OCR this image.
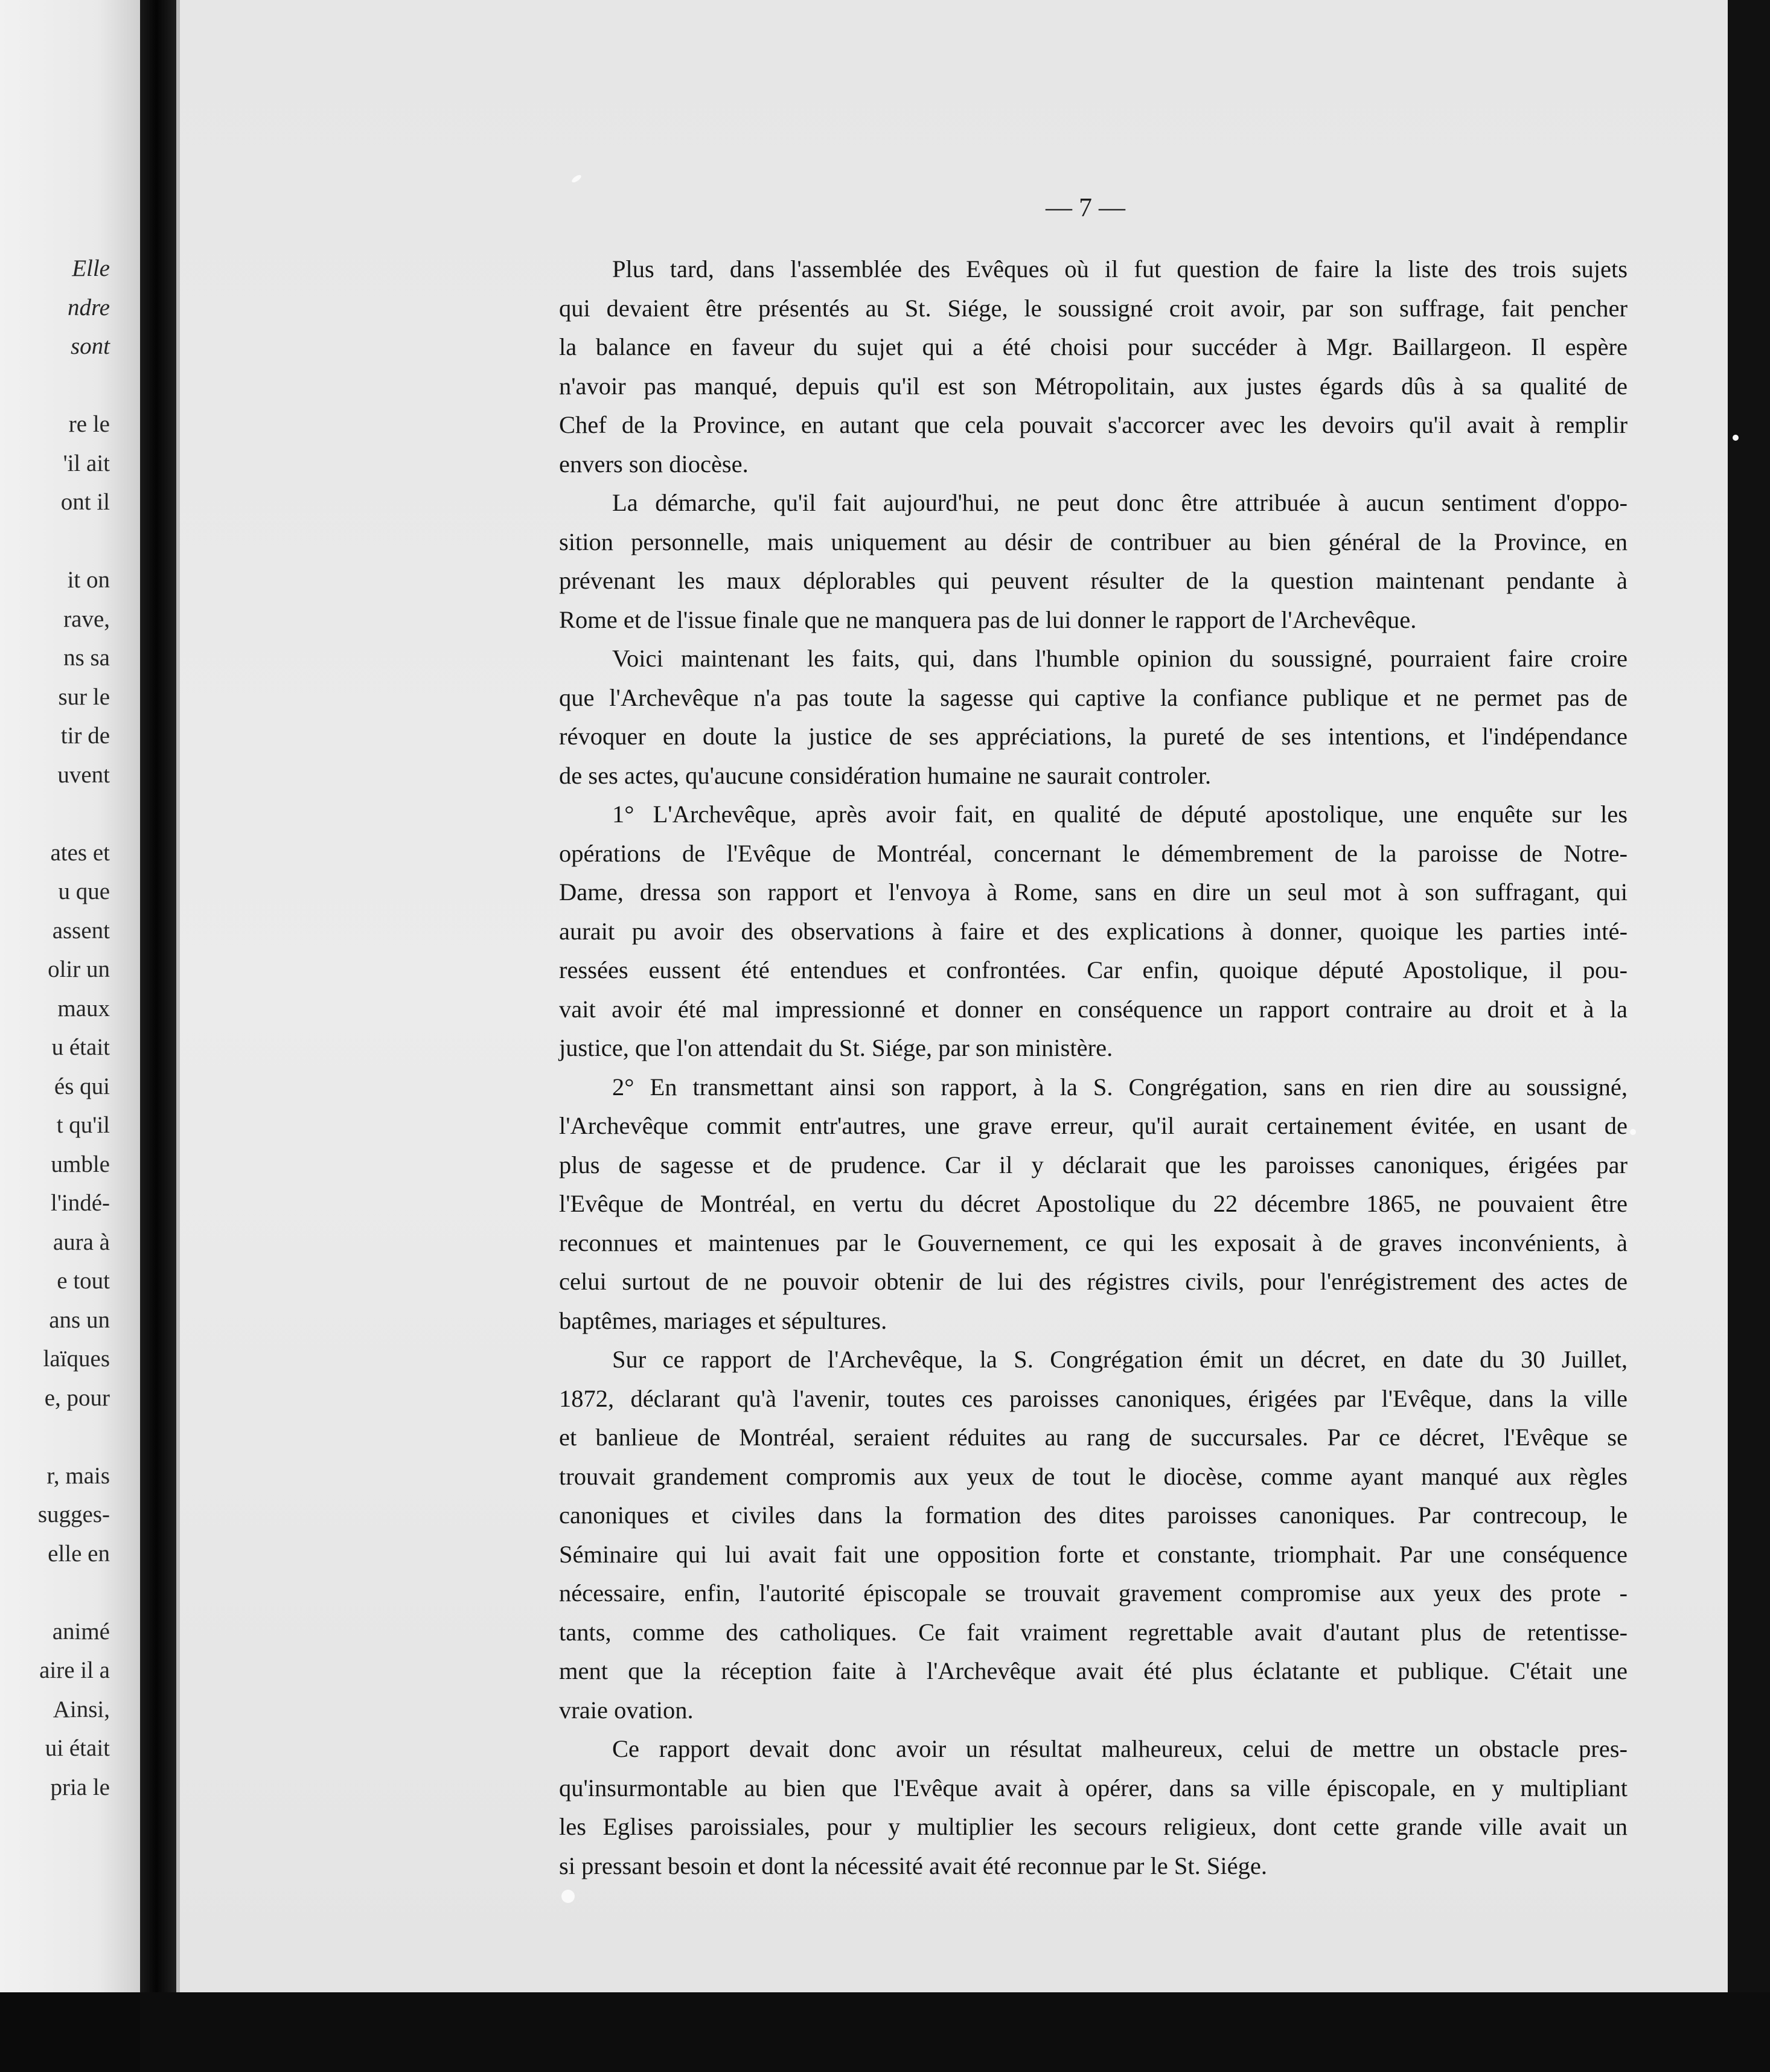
Elle
ndre
sont
re le
'il ait
ont il
it on
rave,
ns sa
sur le
tir de
uvent
ates et
u que
assent
olir un
maux
u était
és qui
t qu'il
umble
l'indé-
aura à
e tout
ans un
laïques
e, pour
r, mais
sugges-
elle en
animé
aire il a
Ainsi,
ui était
pria le
— 7 —
Plus tard, dans l'assemblée des Evêques où il fut question de faire la liste des trois sujets
qui devaient être présentés au St. Siége, le soussigné croit avoir, par son suffrage, fait pencher
la balance en faveur du sujet qui a été choisi pour succéder à Mgr. Baillargeon. Il espère
n'avoir pas manqué, depuis qu'il est son Métropolitain, aux justes égards dûs à sa qualité de
Chef de la Province, en autant que cela pouvait s'accorcer avec les devoirs qu'il avait à remplir
envers son diocèse.
La démarche, qu'il fait aujourd'hui, ne peut donc être attribuée à aucun sentiment d'oppo-
sition personnelle, mais uniquement au désir de contribuer au bien général de la Province, en
prévenant les maux déplorables qui peuvent résulter de la question maintenant pendante à
Rome et de l'issue finale que ne manquera pas de lui donner le rapport de l'Archevêque.
Voici maintenant les faits, qui, dans l'humble opinion du soussigné, pourraient faire croire
que l'Archevêque n'a pas toute la sagesse qui captive la confiance publique et ne permet pas de
révoquer en doute la justice de ses appréciations, la pureté de ses intentions, et l'indépendance
de ses actes, qu'aucune considération humaine ne saurait controler.
1° L'Archevêque, après avoir fait, en qualité de député apostolique, une enquête sur les
opérations de l'Evêque de Montréal, concernant le démembrement de la paroisse de Notre-
Dame, dressa son rapport et l'envoya à Rome, sans en dire un seul mot à son suffragant, qui
aurait pu avoir des observations à faire et des explications à donner, quoique les parties inté-
ressées eussent été entendues et confrontées. Car enfin, quoique député Apostolique, il pou-
vait avoir été mal impressionné et donner en conséquence un rapport contraire au droit et à la
justice, que l'on attendait du St. Siége, par son ministère.
2° En transmettant ainsi son rapport, à la S. Congrégation, sans en rien dire au soussigné,
l'Archevêque commit entr'autres, une grave erreur, qu'il aurait certainement évitée, en usant de
plus de sagesse et de prudence. Car il y déclarait que les paroisses canoniques, érigées par
l'Evêque de Montréal, en vertu du décret Apostolique du 22 décembre 1865, ne pouvaient être
reconnues et maintenues par le Gouvernement, ce qui les exposait à de graves inconvénients, à
celui surtout de ne pouvoir obtenir de lui des régistres civils, pour l'enrégistrement des actes de
baptêmes, mariages et sépultures.
Sur ce rapport de l'Archevêque, la S. Congrégation émit un décret, en date du 30 Juillet,
1872, déclarant qu'à l'avenir, toutes ces paroisses canoniques, érigées par l'Evêque, dans la ville
et banlieue de Montréal, seraient réduites au rang de succursales. Par ce décret, l'Evêque se
trouvait grandement compromis aux yeux de tout le diocèse, comme ayant manqué aux règles
canoniques et civiles dans la formation des dites paroisses canoniques. Par contrecoup, le
Séminaire qui lui avait fait une opposition forte et constante, triomphait. Par une conséquence
nécessaire, enfin, l'autorité épiscopale se trouvait gravement compromise aux yeux des prote -
tants, comme des catholiques. Ce fait vraiment regrettable avait d'autant plus de retentisse-
ment que la réception faite à l'Archevêque avait été plus éclatante et publique. C'était une
vraie ovation.
Ce rapport devait donc avoir un résultat malheureux, celui de mettre un obstacle pres-
qu'insurmontable au bien que l'Evêque avait à opérer, dans sa ville épiscopale, en y multipliant
les Eglises paroissiales, pour y multiplier les secours religieux, dont cette grande ville avait un
si pressant besoin et dont la nécessité avait été reconnue par le St. Siége.
